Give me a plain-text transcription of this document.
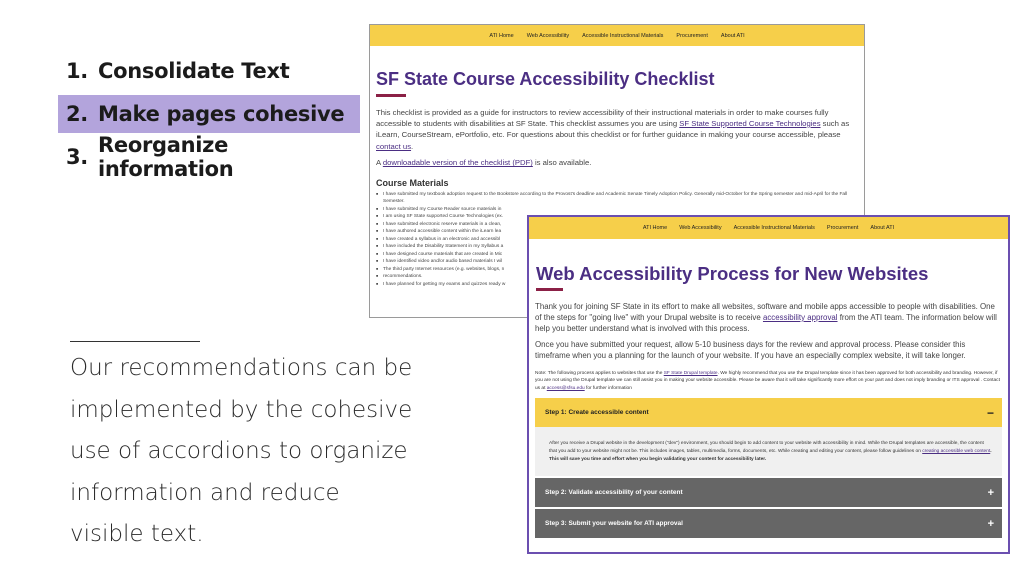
1. Consolidate Text
2. Make pages cohesive
3. Reorganize information
Our recommendations can be
implemented by the cohesive
use of accordions to organize
information and reduce
visible text.
ATI Home Web Accessibility Accessible Instructional Materials Procurement About ATI
SF State Course Accessibility Checklist
This checklist is provided as a guide for instructors to review accessibility of their instructional materials in order to make courses fully accessible to students with disabilities at SF State. This checklist assumes you are using SF State Supported Course Technologies such as iLearn, CourseStream, ePortfolio, etc. For questions about this checklist or for further guidance in making your course accessible, please contact us.
A downloadable version of the checklist (PDF) is also available.
Course Materials
■ I have submitted my textbook adoption request to the Bookstore according to the Provost's deadline and Academic Senate Timely Adoption Policy. Generally mid-October for the Spring semester and mid-April for the Fall Semester.
■ I have submitted my Course Reader source materials in
■ I am using SF State supported Course Technologies (ex.
■ I have submitted electronic reserve materials in a clean,
■ I have authored accessible content within the iLearn lea
■ I have created a syllabus in an electronic and accessibl
■ I have included the Disability Statement in my Syllabus a
■ I have designed course materials that are created in Mic
■ I have identified video and/or audio based materials I wil
■ The third party Internet resources (e.g. websites, blogs, n
■ recommendations.
■ I have planned for getting my exams and quizzes ready w
ATI Home Web Accessibility Accessible Instructional Materials Procurement About ATI
Web Accessibility Process for New Websites
Thank you for joining SF State in its effort to make all websites, software and mobile apps accessible to people with disabilities. One of the steps for "going live" with your Drupal website is to receive accessibility approval from the ATI team. The information below will help you better understand what is involved with this process.
Once you have submitted your request, allow 5-10 business days for the review and approval process. Please consider this timeframe when you a planning for the launch of your website. If you have an especially complex website, it will take longer.
Note: The following process applies to websites that use the SF State Drupal template. We highly recommend that you use the Drupal template since it has been approved for both accessibility and branding. However, if you are not using the Drupal template we can still assist you in making your website accessible. Please be aware that it will take significantly more effort on your part and does not imply branding or ITS approval . Contact us at access@sfsu.edu for further information
Step 1: Create accessible content	−
After you receive a Drupal website in the development ("dev") environment, you should begin to add content to your website with accessibility in mind. While the Drupal templates are accessible, the content that you add to your website might not be. This includes images, tables, multimedia, forms, documents, etc. While creating and editing your content, please follow guidelines on creating accessible web content. This will save you time and effort when you begin validating your content for accessibility later.
Step 2: Validate accessibility of your content	+
Step 3: Submit your website for ATI approval	+
